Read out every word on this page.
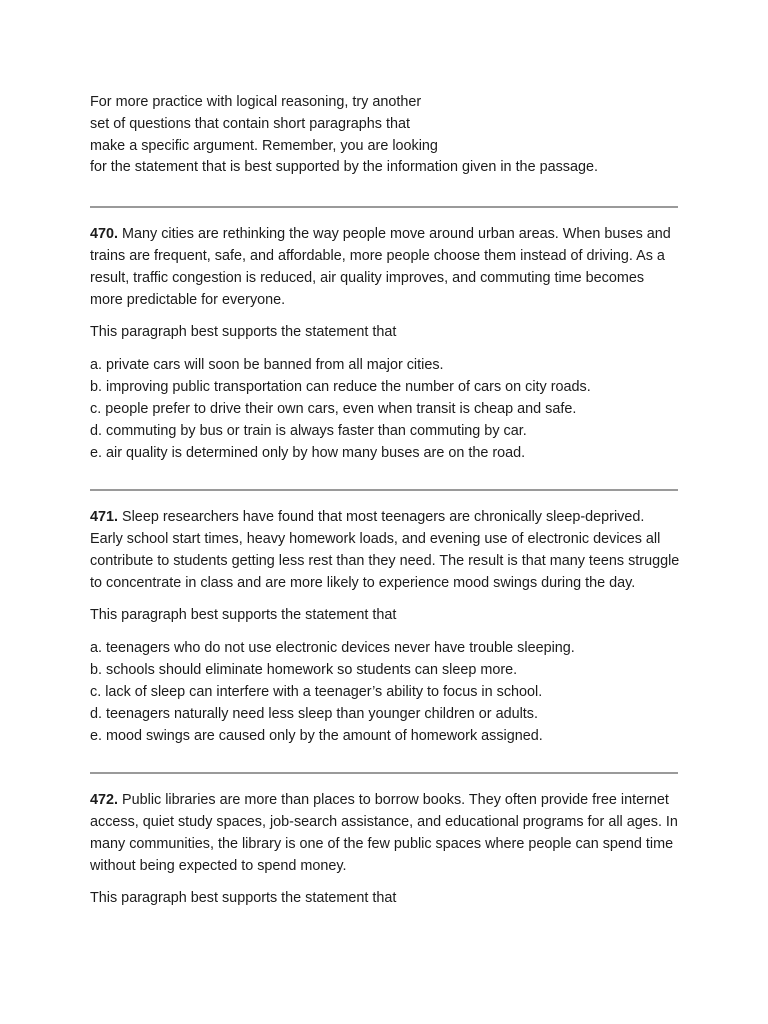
For more practice with logical reasoning, try another
set of questions that contain short paragraphs that
make a specific argument. Remember, you are looking
for the statement that is best supported by the information given in the passage.

470. Many cities are rethinking the way people move around urban areas. When buses and trains are frequent, safe, and affordable, more people choose them instead of driving. As a result, traffic congestion is reduced, air quality improves, and commuting time becomes more predictable for everyone.

This paragraph best supports the statement that

a. private cars will soon be banned from all major cities.
b. improving public transportation can reduce the number of cars on city roads.
c. people prefer to drive their own cars, even when transit is cheap and safe.
d. commuting by bus or train is always faster than commuting by car.
e. air quality is determined only by how many buses are on the road.

471. Sleep researchers have found that most teenagers are chronically sleep-deprived. Early school start times, heavy homework loads, and evening use of electronic devices all contribute to students getting less rest than they need. The result is that many teens struggle to concentrate in class and are more likely to experience mood swings during the day.

This paragraph best supports the statement that

a. teenagers who do not use electronic devices never have trouble sleeping.
b. schools should eliminate homework so students can sleep more.
c. lack of sleep can interfere with a teenager’s ability to focus in school.
d. teenagers naturally need less sleep than younger children or adults.
e. mood swings are caused only by the amount of homework assigned.

472. Public libraries are more than places to borrow books. They often provide free internet access, quiet study spaces, job-search assistance, and educational programs for all ages. In many communities, the library is one of the few public spaces where people can spend time without being expected to spend money.

This paragraph best supports the statement that
